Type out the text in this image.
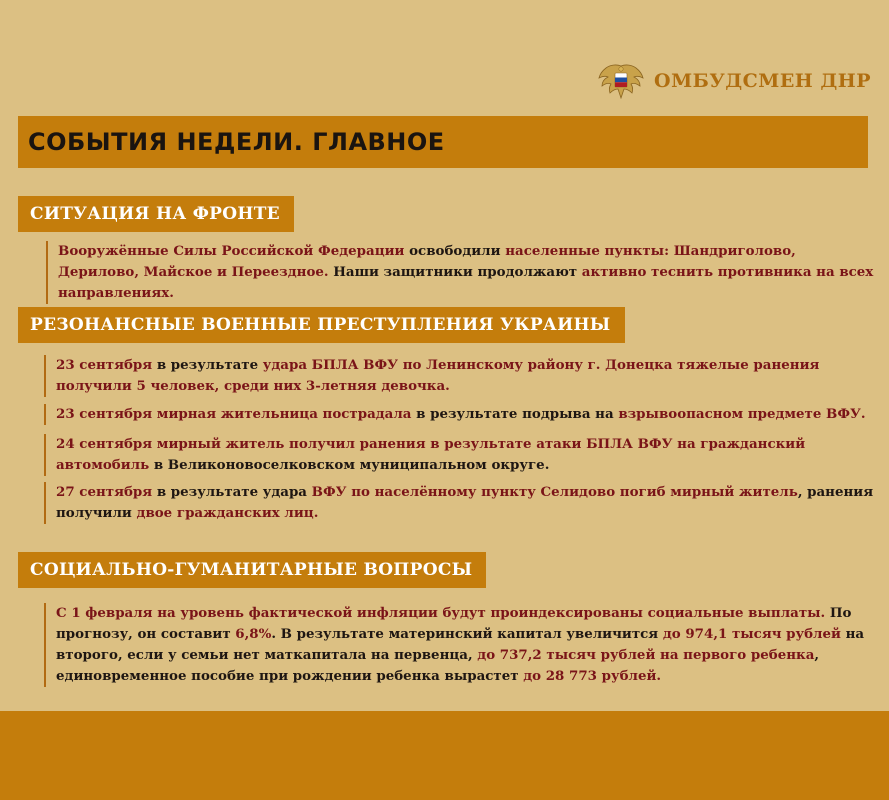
ОМБУДСМЕН ДНР
СОБЫТИЯ НЕДЕЛИ. ГЛАВНОЕ
СИТУАЦИЯ НА ФРОНТЕ
Вооружённые Силы Российской Федерации освободили населенные пункты: Шандриголово, Дерилово, Майское и Переездное. Наши защитники продолжают активно теснить противника на всех направлениях.
РЕЗОНАНСНЫЕ ВОЕННЫЕ ПРЕСТУПЛЕНИЯ УКРАИНЫ
23 сентября в результате удара БПЛА ВФУ по Ленинскому району г. Донецка тяжелые ранения получили 5 человек, среди них 3-летняя девочка.
23 сентября мирная жительница пострадала в результате подрыва на взрывоопасном предмете ВФУ.
24 сентября мирный житель получил ранения в результате атаки БПЛА ВФУ на гражданский автомобиль в Великоновоселковском муниципальном округе.
27 сентября в результате удара ВФУ по населённому пункту Селидово погиб мирный житель, ранения получили двое гражданских лиц.
СОЦИАЛЬНО-ГУМАНИТАРНЫЕ ВОПРОСЫ
С 1 февраля на уровень фактической инфляции будут проиндексированы социальные выплаты. По прогнозу, он составит 6,8%. В результате материнский капитал увеличится до 974,1 тысяч рублей на второго, если у семьи нет маткапитала на первенца, до 737,2 тысяч рублей на первого ребенка, единовременное пособие при рождении ребенка вырастет до 28 773 рублей.
